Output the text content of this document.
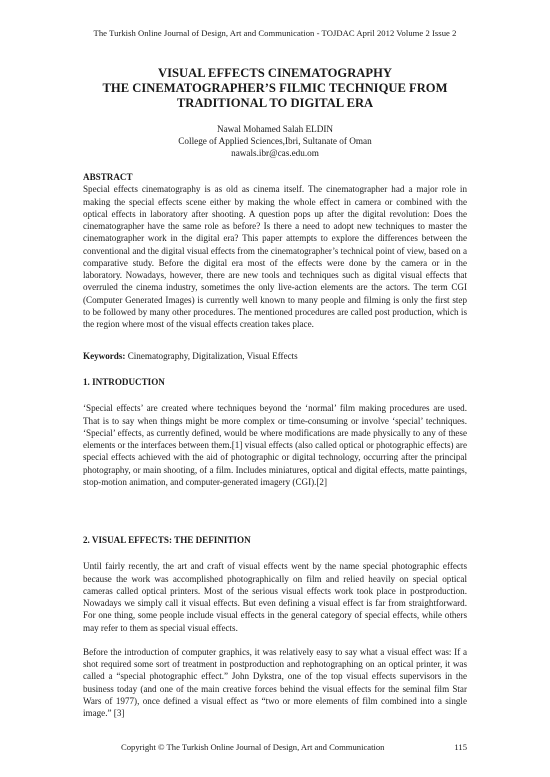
The Turkish Online Journal of Design, Art and Communication - TOJDAC April 2012 Volume 2 Issue 2
VISUAL EFFECTS CINEMATOGRAPHY
THE CINEMATOGRAPHER’S FILMIC TECHNIQUE FROM
TRADITIONAL TO DIGITAL ERA
Nawal Mohamed Salah ELDIN
College of Applied Sciences,Ibri, Sultanate of Oman
nawals.ibr@cas.edu.om
ABSTRACT

Special effects cinematography is as old as cinema itself. The cinematographer had a major role in making the special effects scene either by making the whole effect in camera or combined with the optical effects in laboratory after shooting. A question pops up after the digital revolution: Does the cinematographer have the same role as before? Is there a need to adopt new techniques to master the cinematographer work in the digital era? This paper attempts to explore the differences between the conventional and the digital visual effects from the cinematographer’s technical point of view, based on a comparative study. Before the digital era most of the effects were done by the camera or in the laboratory. Nowadays, however, there are new tools and techniques such as digital visual effects that overruled the cinema industry, sometimes the only live-action elements are the actors. The term CGI (Computer Generated Images) is currently well known to many people and filming is only the first step to be followed by many other procedures. The mentioned procedures are called post production, which is the region where most of the visual effects creation takes place.

Keywords: Cinematography, Digitalization, Visual Effects
1. INTRODUCTION

‘Special effects’ are created where techniques beyond the ‘normal’ film making procedures are used. That is to say when things might be more complex or time-consuming or involve ‘special’ techniques. ‘Special’ effects, as currently defined, would be where modifications are made physically to any of these elements or the interfaces between them.[1] visual effects (also called optical or photographic effects) are special effects achieved with the aid of photographic or digital technology, occurring after the principal photography, or main shooting, of a film. Includes miniatures, optical and digital effects, matte paintings, stop-motion animation, and computer-generated imagery (CGI).[2]

2. VISUAL EFFECTS: THE DEFINITION

Until fairly recently, the art and craft of visual effects went by the name special photographic effects because the work was accomplished photographically on film and relied heavily on special optical cameras called optical printers. Most of the serious visual effects work took place in postproduction. Nowadays we simply call it visual effects. But even defining a visual effect is far from straightforward. For one thing, some people include visual effects in the general category of special effects, while others may refer to them as special visual effects.

Before the introduction of computer graphics, it was relatively easy to say what a visual effect was: If a shot required some sort of treatment in postproduction and rephotographing on an optical printer, it was called a “special photographic effect.” John Dykstra, one of the top visual effects supervisors in the business today (and one of the main creative forces behind the visual effects for the seminal film Star Wars of 1977), once defined a visual effect as “two or more elements of film combined into a single image.” [3]

Copyright © The Turkish Online Journal of Design, Art and Communication	115
